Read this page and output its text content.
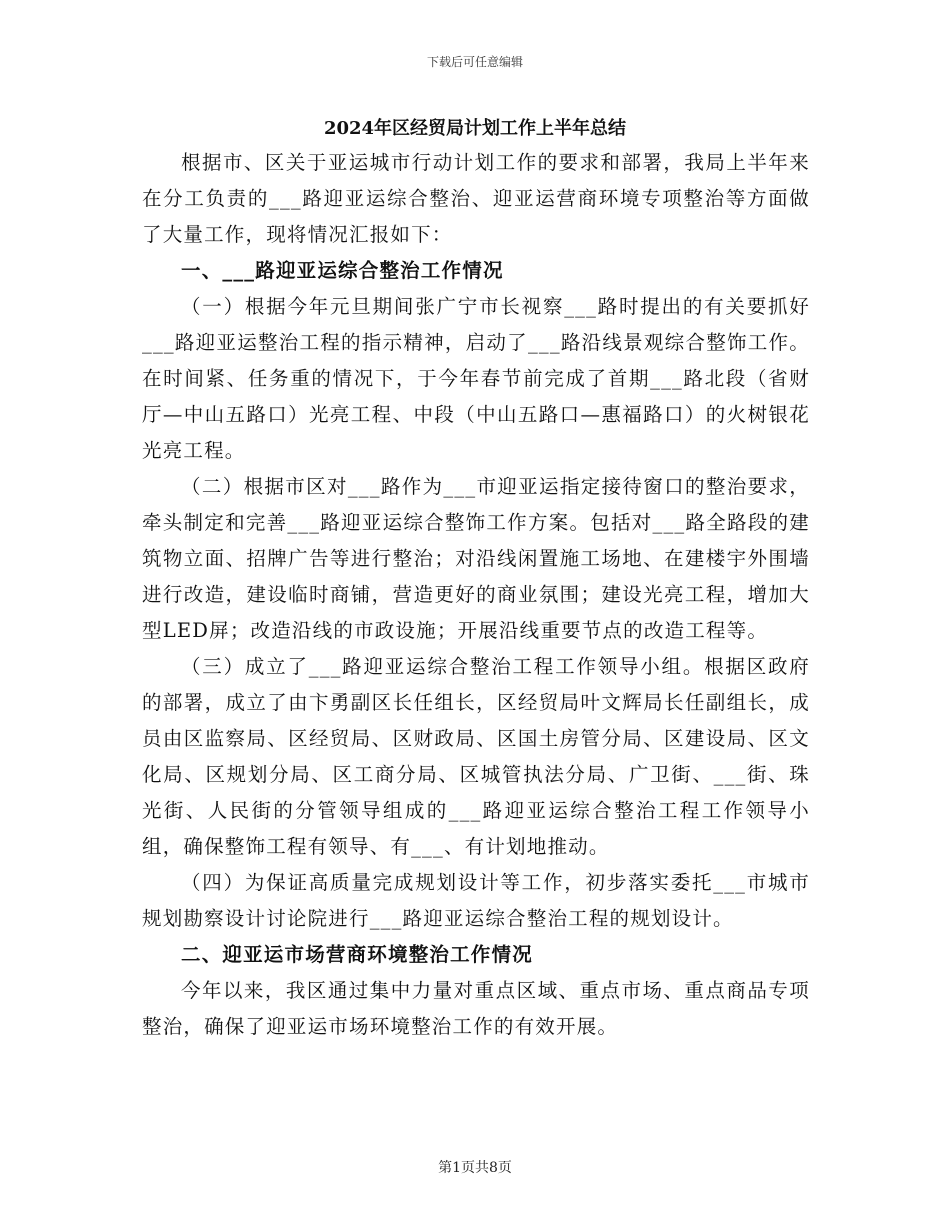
下载后可任意编辑
2024年区经贸局计划工作上半年总结

根据市、区关于亚运城市行动计划工作的要求和部署，我局上半年来在分工负责的___路迎亚运综合整治、迎亚运营商环境专项整治等方面做了大量工作，现将情况汇报如下：

一、___路迎亚运综合整治工作情况

（一）根据今年元旦期间张广宁市长视察___路时提出的有关要抓好___路迎亚运整治工程的指示精神，启动了___路沿线景观综合整饰工作。在时间紧、任务重的情况下，于今年春节前完成了首期___路北段（省财厅—中山五路口）光亮工程、中段（中山五路口—惠福路口）的火树银花光亮工程。

（二）根据市区对___路作为___市迎亚运指定接待窗口的整治要求，牵头制定和完善___路迎亚运综合整饰工作方案。包括对___路全路段的建筑物立面、招牌广告等进行整治；对沿线闲置施工场地、在建楼宇外围墙进行改造，建设临时商铺，营造更好的商业氛围；建设光亮工程，增加大型LED屏；改造沿线的市政设施；开展沿线重要节点的改造工程等。

（三）成立了___路迎亚运综合整治工程工作领导小组。根据区政府的部署，成立了由卞勇副区长任组长，区经贸局叶文辉局长任副组长，成员由区监察局、区经贸局、区财政局、区国土房管分局、区建设局、区文化局、区规划分局、区工商分局、区城管执法分局、广卫街、___街、珠光街、人民街的分管领导组成的___路迎亚运综合整治工程工作领导小组，确保整饰工程有领导、有___、有计划地推动。

（四）为保证高质量完成规划设计等工作，初步落实委托___市城市规划勘察设计讨论院进行___路迎亚运综合整治工程的规划设计。

二、迎亚运市场营商环境整治工作情况

今年以来，我区通过集中力量对重点区域、重点市场、重点商品专项整治，确保了迎亚运市场环境整治工作的有效开展。

第1页共8页
